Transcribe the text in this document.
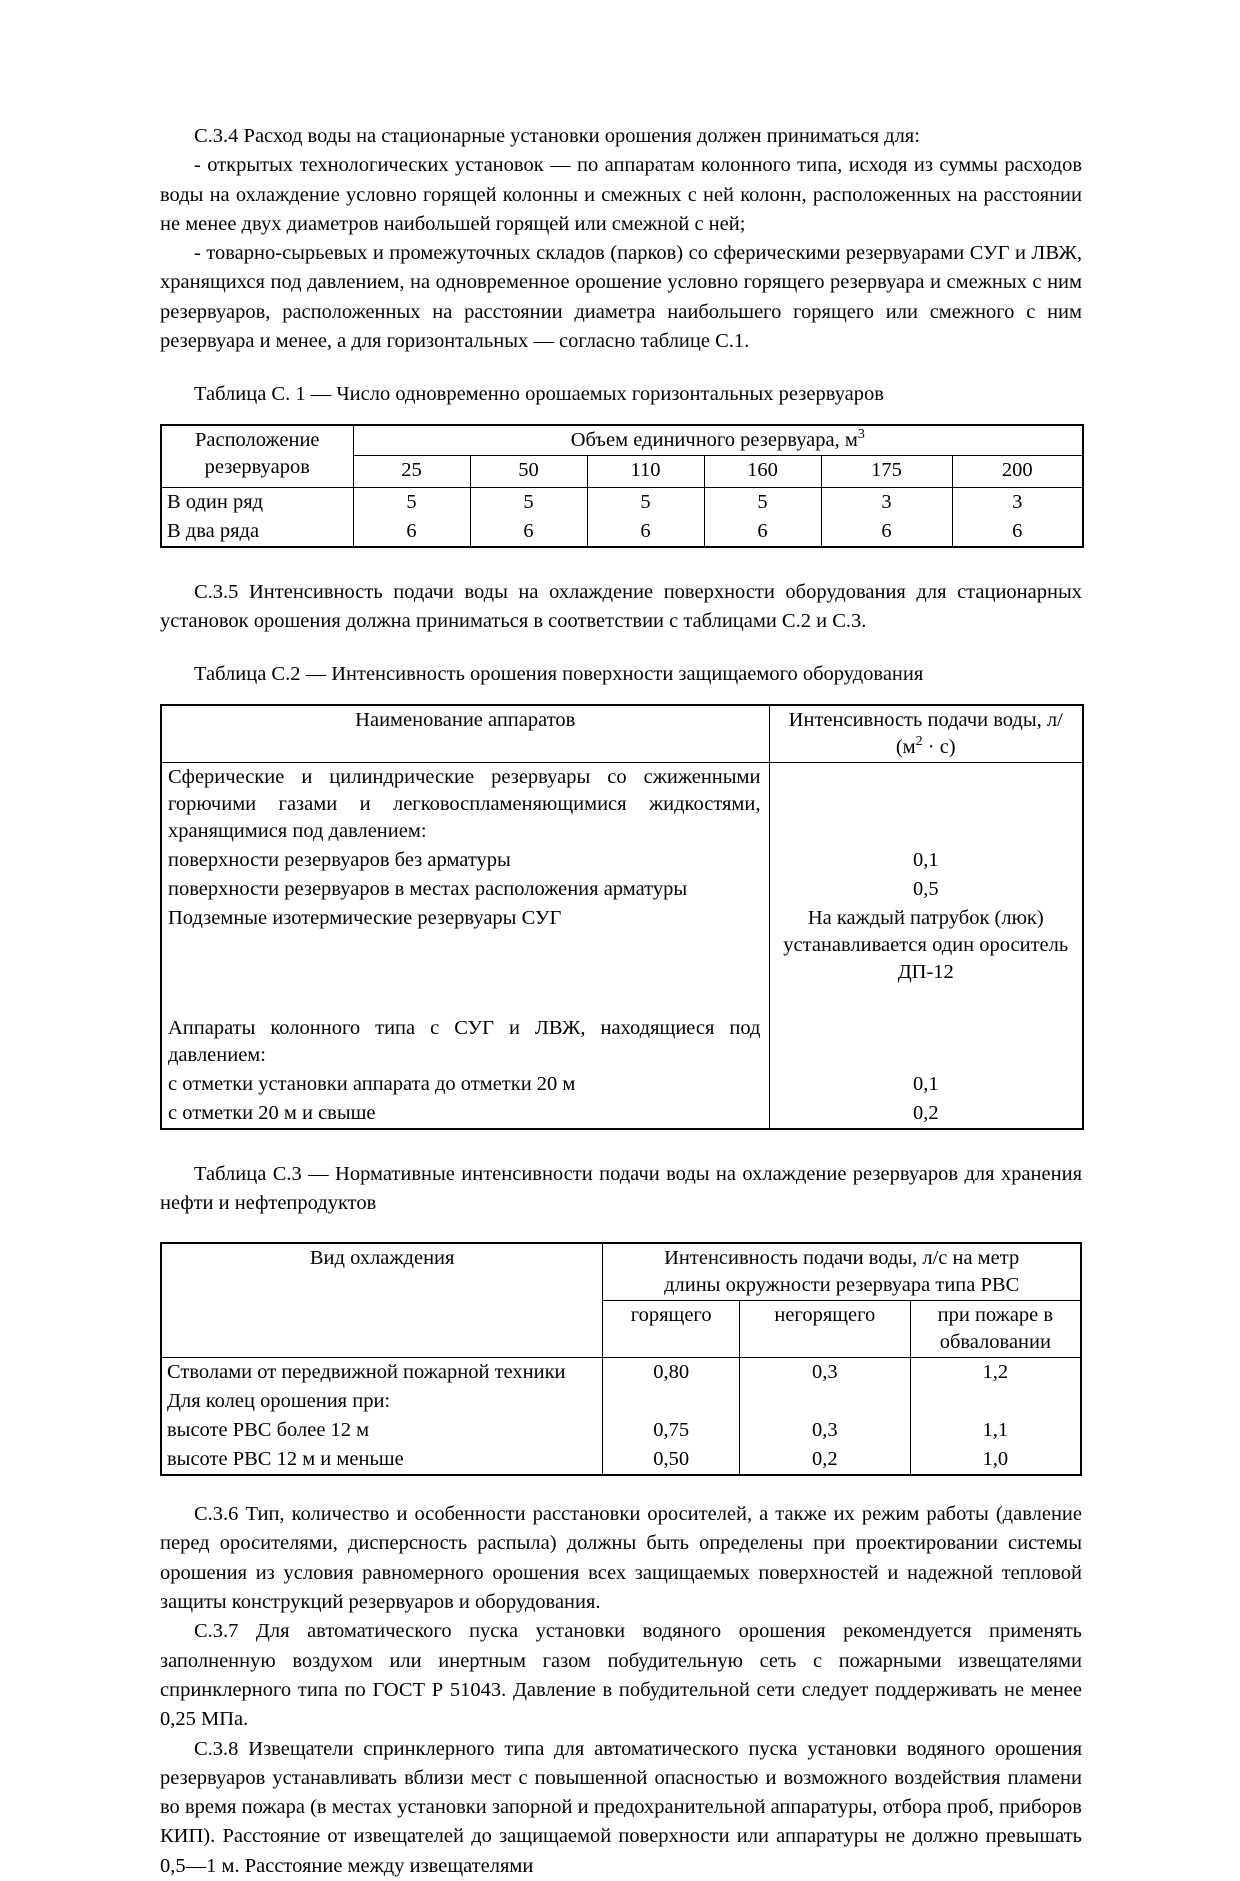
С.3.4 Расход воды на стационарные установки орошения должен приниматься для:

- открытых технологических установок — по аппаратам колонного типа, исходя из суммы расходов воды на охлаждение условно горящей колонны и смежных с ней колонн, расположенных на расстоянии не менее двух диаметров наибольшей горящей или смежной с ней;

- товарно-сырьевых и промежуточных складов (парков) со сферическими резервуарами СУГ и ЛВЖ, хранящихся под давлением, на одновременное орошение условно горящего резервуара и смежных с ним резервуаров, расположенных на расстоянии диаметра наибольшего горящего или смежного с ним резервуара и менее, а для горизонтальных — согласно таблице С.1.

Таблица С. 1 — Число одновременно орошаемых горизонтальных резервуаров
Расположение резервуаров	Объем единичного резервуара, $м^3$
	25	50	110	160	175	200
В один ряд	5	5	5	5	3	3
В два ряда	6	6	6	6	6	6

С.3.5 Интенсивность подачи воды на охлаждение поверхности оборудования для стационарных установок орошения должна приниматься в соответствии с таблицами С.2 и С.3.

Таблица С.2 — Интенсивность орошения поверхности защищаемого оборудования
Наименование аппаратов	Интенсивность подачи воды, л/
$(м^2 \cdot с)$
Сферические и цилиндрические резервуары со сжиженными горючими газами и легковоспламеняющимися жидкостями, хранящимися под давлением:	
поверхности резервуаров без арматуры	0,1
поверхности резервуаров в местах расположения арматуры	0,5
Подземные изотермические резервуары СУГ	На каждый патрубок (люк) устанавливается один ороситель ДП-12

Аппараты колонного типа с СУГ и ЛВЖ, находящиеся под давлением:	
с отметки установки аппарата до отметки 20 м	0,1
с отметки 20 м и свыше	0,2
Таблица С.3 — Нормативные интенсивности подачи воды на охлаждение резервуаров для хранения нефти и нефтепродуктов
Вид охлаждения	Интенсивность подачи воды, л/с на метр
длины окружности резервуара типа РВС		
	горящего	негорящего	при пожаре в обваловании
Стволами от передвижной пожарной техники	0,80	0,3	1,2
Для колец орошения при:			
высоте РВС более 12 м	0,75	0,3	1,1
высоте РВС 12 м и меньше	0,50	0,2	1,0

С.3.6 Тип, количество и особенности расстановки оросителей, а также их режим работы (давление перед оросителями, дисперсность распыла) должны быть определены при проектировании системы орошения из условия равномерного орошения всех защищаемых поверхностей и надежной тепловой защиты конструкций резервуаров и оборудования.

С.3.7 Для автоматического пуска установки водяного орошения рекомендуется применять заполненную воздухом или инертным газом побудительную сеть с пожарными извещателями спринклерного типа по ГОСТ Р 51043. Давление в побудительной сети следует поддерживать не менее 0,25 МПа.

С.3.8 Извещатели спринклерного типа для автоматического пуска установки водяного орошения резервуаров устанавливать вблизи мест с повышенной опасностью и возможного воздействия пламени во время пожара (в местах установки запорной и предохранительной аппаратуры, отбора проб, приборов КИП). Расстояние от извещателей до защищаемой поверхности или аппаратуры не должно превышать 0,5—1 м. Расстояние между извещателями
